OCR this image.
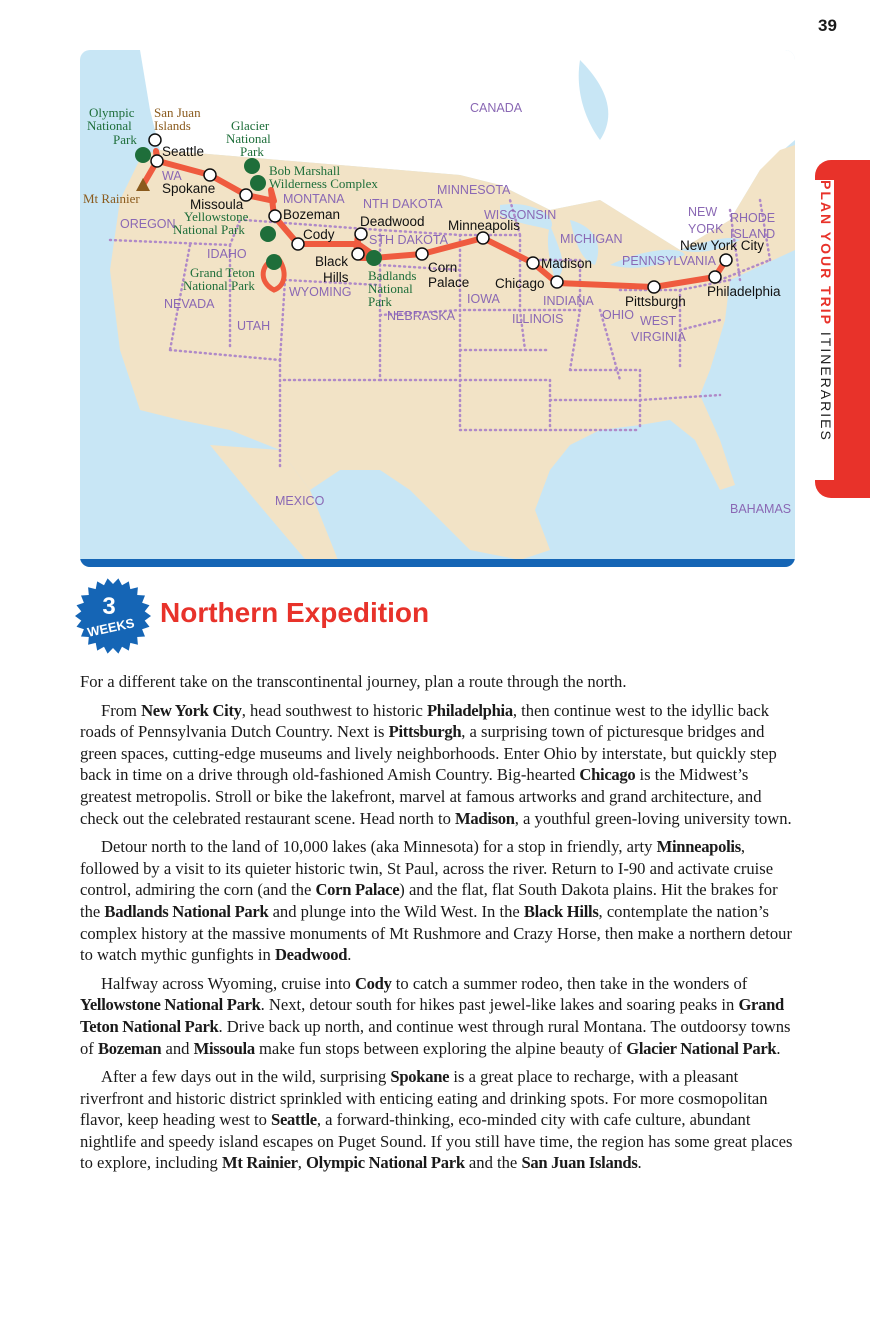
39
PLAN YOUR TRIP ITINERARIES
CANADA
MEXICO
BAHAMAS
WA
OREGON
IDAHO
MONTANA
NEVADA
UTAH
WYOMING
NTH DAKOTA
STH DAKOTA
NEBRASKA
MINNESOTA
IOWA
WISCONSIN
ILLINOIS
MICHIGAN
INDIANA
OHIO
PENNSYLVANIA
WEST
VIRGINIA
NEW
YORK
RHODE
ISLAND
Seattle
Spokane
Missoula
Bozeman
Cody
Black
Hills
Deadwood
Corn
Palace
Minneapolis
Madison
Chicago
Pittsburgh
Philadelphia
New York City
Olympic
National
Park
Glacier
National
Park
Bob Marshall
Wilderness Complex
Yellowstone
National Park
Grand Teton
National Park
Badlands
National
Park
San Juan
Islands
Mt Rainier
3
WEEKS Northern Expedition

For a different take on the transcontinental journey, plan a route through the north.

From New York City, head southwest to historic Philadelphia, then continue west to the idyllic back roads of Pennsylvania Dutch Country. Next is Pittsburgh, a surprising town of picturesque bridges and green spaces, cutting-edge museums and lively neighborhoods. Enter Ohio by interstate, but quickly step back in time on a drive through old-fashioned Amish Country. Big-hearted Chicago is the Midwest’s greatest metropolis. Stroll or bike the lakefront, marvel at famous artworks and grand architecture, and check out the celebrated restaurant scene. Head north to Madison, a youthful green-loving university town.

Detour north to the land of 10,000 lakes (aka Minnesota) for a stop in friendly, arty Minneapolis, followed by a visit to its quieter historic twin, St Paul, across the river. Return to I-90 and activate cruise control, admiring the corn (and the Corn Palace) and the flat, flat South Dakota plains. Hit the brakes for the Badlands National Park and plunge into the Wild West. In the Black Hills, contemplate the nation’s complex history at the massive monuments of Mt Rushmore and Crazy Horse, then make a northern detour to watch mythic gunfights in Deadwood.

Halfway across Wyoming, cruise into Cody to catch a summer rodeo, then take in the wonders of Yellowstone National Park. Next, detour south for hikes past jewel-like lakes and soaring peaks in Grand Teton National Park. Drive back up north, and continue west through rural Montana. The outdoorsy towns of Bozeman and Missoula make fun stops between exploring the alpine beauty of Glacier National Park.

After a few days out in the wild, surprising Spokane is a great place to recharge, with a pleasant riverfront and historic district sprinkled with enticing eating and drinking spots. For more cosmopolitan flavor, keep heading west to Seattle, a forward-thinking, eco-minded city with cafe culture, abundant nightlife and speedy island escapes on Puget Sound. If you still have time, the region has some great places to explore, including Mt Rainier, Olympic National Park and the San Juan Islands.
